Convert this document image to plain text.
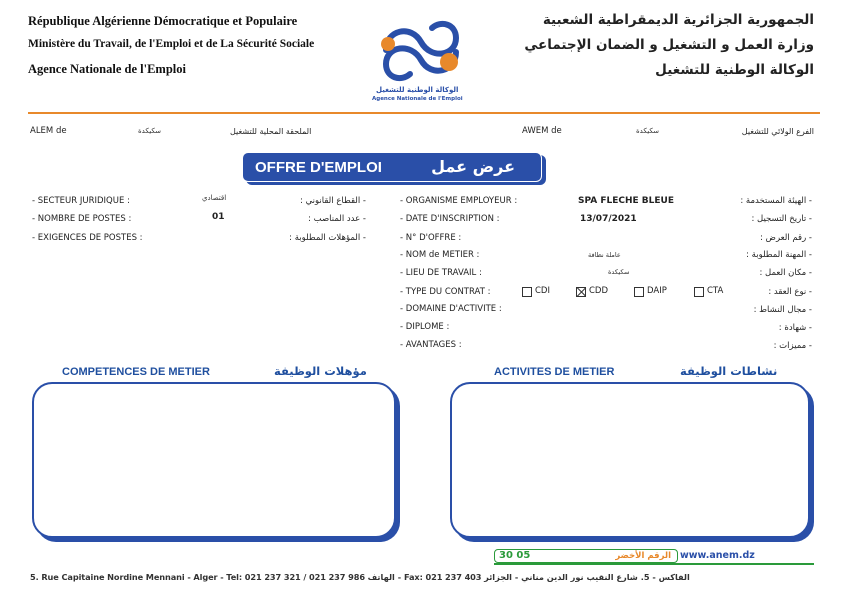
République Algérienne Démocratique et Populaire
Ministère du Travail, de l'Emploi et de La Sécurité Sociale
Agence Nationale de l'Emploi
الجمهورية الجزائرية الديمقراطية الشعبية
وزارة العمل و التشغيل و الضمان الإجتماعي
الوكالة الوطنية للتشغيل
الوكالة الوطنية للتشغيل
Agence Nationale de l'Emploi
ALEM de	سكيكدة	الملحقة المحلية للتشغيل	AWEM de	سكيكدة	الفرع الولائي للتشغيل
OFFRE D'EMPLOI	عرض عمل
- SECTEUR JURIDIQUE :	اقتصادي	- القطاع القانوني :
- NOMBRE DE POSTES :	01	- عدد المناصب :
- EXIGENCES DE POSTES :	- المؤهلات المطلوبة :
- ORGANISME EMPLOYEUR :	SPA FLECHE BLEUE	- الهيئة المستخدمة :
- DATE D'INSCRIPTION :	13/07/2021	- تاريخ التسجيل :
- N° D'OFFRE :	- رقم العرض :
- NOM de METIER :	عاملة نظافة	- المهنة المطلوبة :
- LIEU DE TRAVAIL :	سكيكدة	- مكان العمل :
- TYPE DU CONTRAT :	- نوع العقد :
CDI	CDD	DAIP	CTA
- DOMAINE D'ACTIVITE :	- مجال النشاط :
- DIPLOME :	- شهادة :
- AVANTAGES :	- مميزات :
COMPETENCES DE METIER	مؤهلات الوظيفة	ACTIVITES DE METIER	نشاطات الوظيفة
30 05	الرقم الأخضر www.anem.dz
5. Rue Capitaine Nordine Mennani - Alger - Tel: 021 237 321 / 021 237 986 الهاتف - Fax: 021 237 403 الفاكس - 5. شارع النقيب نور الدين مناني - الجزائر
